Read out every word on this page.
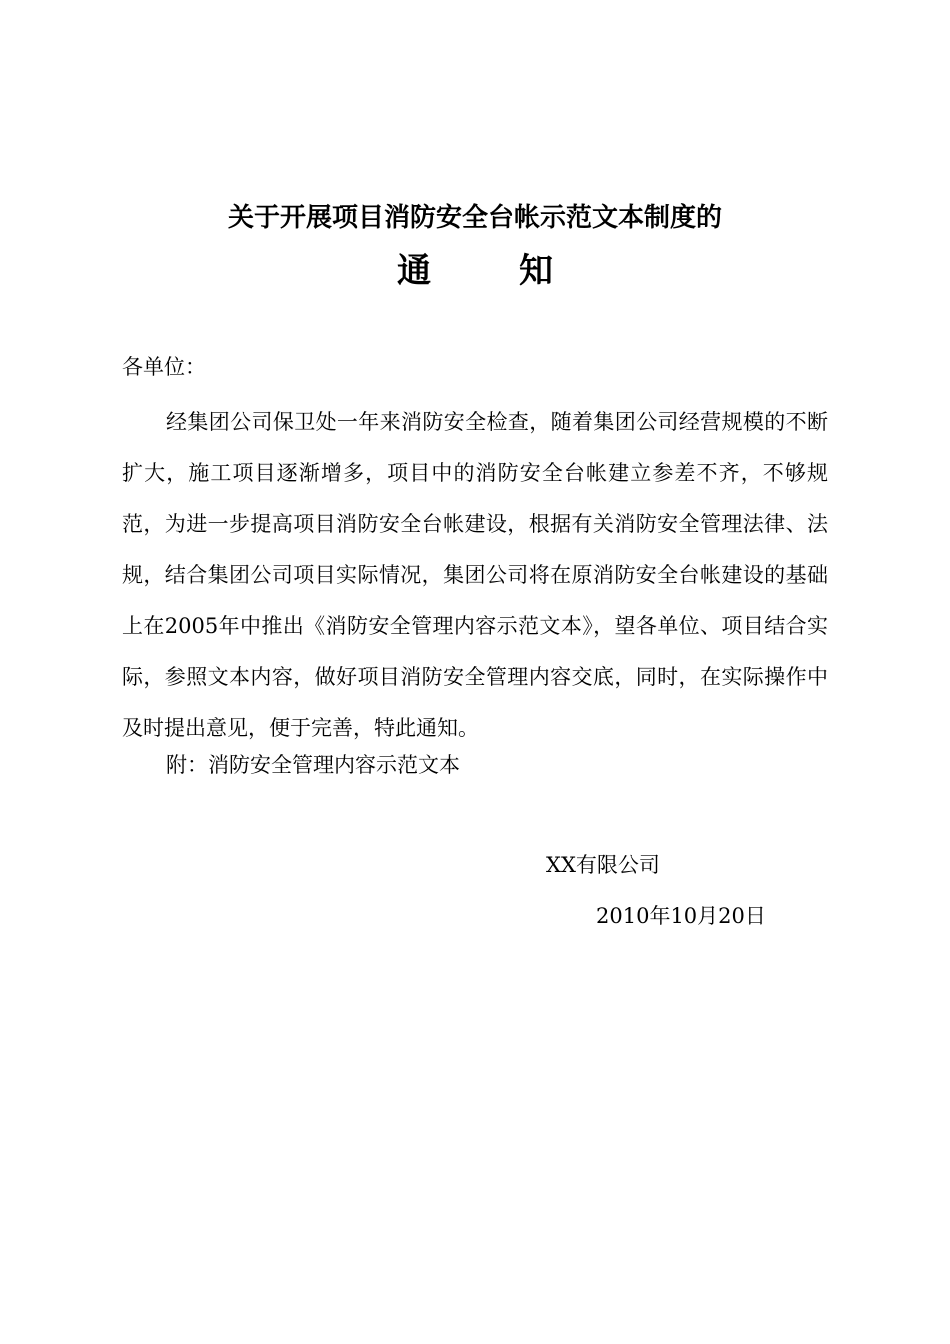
关于开展项目消防安全台帐示范文本制度的
通知

各单位：

经集团公司保卫处一年来消防安全检查，随着集团公司经营规模的不断扩大，施工项目逐渐增多，项目中的消防安全台帐建立参差不齐，不够规范，为进一步提高项目消防安全台帐建设，根据有关消防安全管理法律、法规，结合集团公司项目实际情况，集团公司将在原消防安全台帐建设的基础上在2005年中推出《消防安全管理内容示范文本》，望各单位、项目结合实际，参照文本内容，做好项目消防安全管理内容交底，同时，在实际操作中及时提出意见，便于完善，特此通知。

附：消防安全管理内容示范文本

XX有限公司

2010年10月20日
